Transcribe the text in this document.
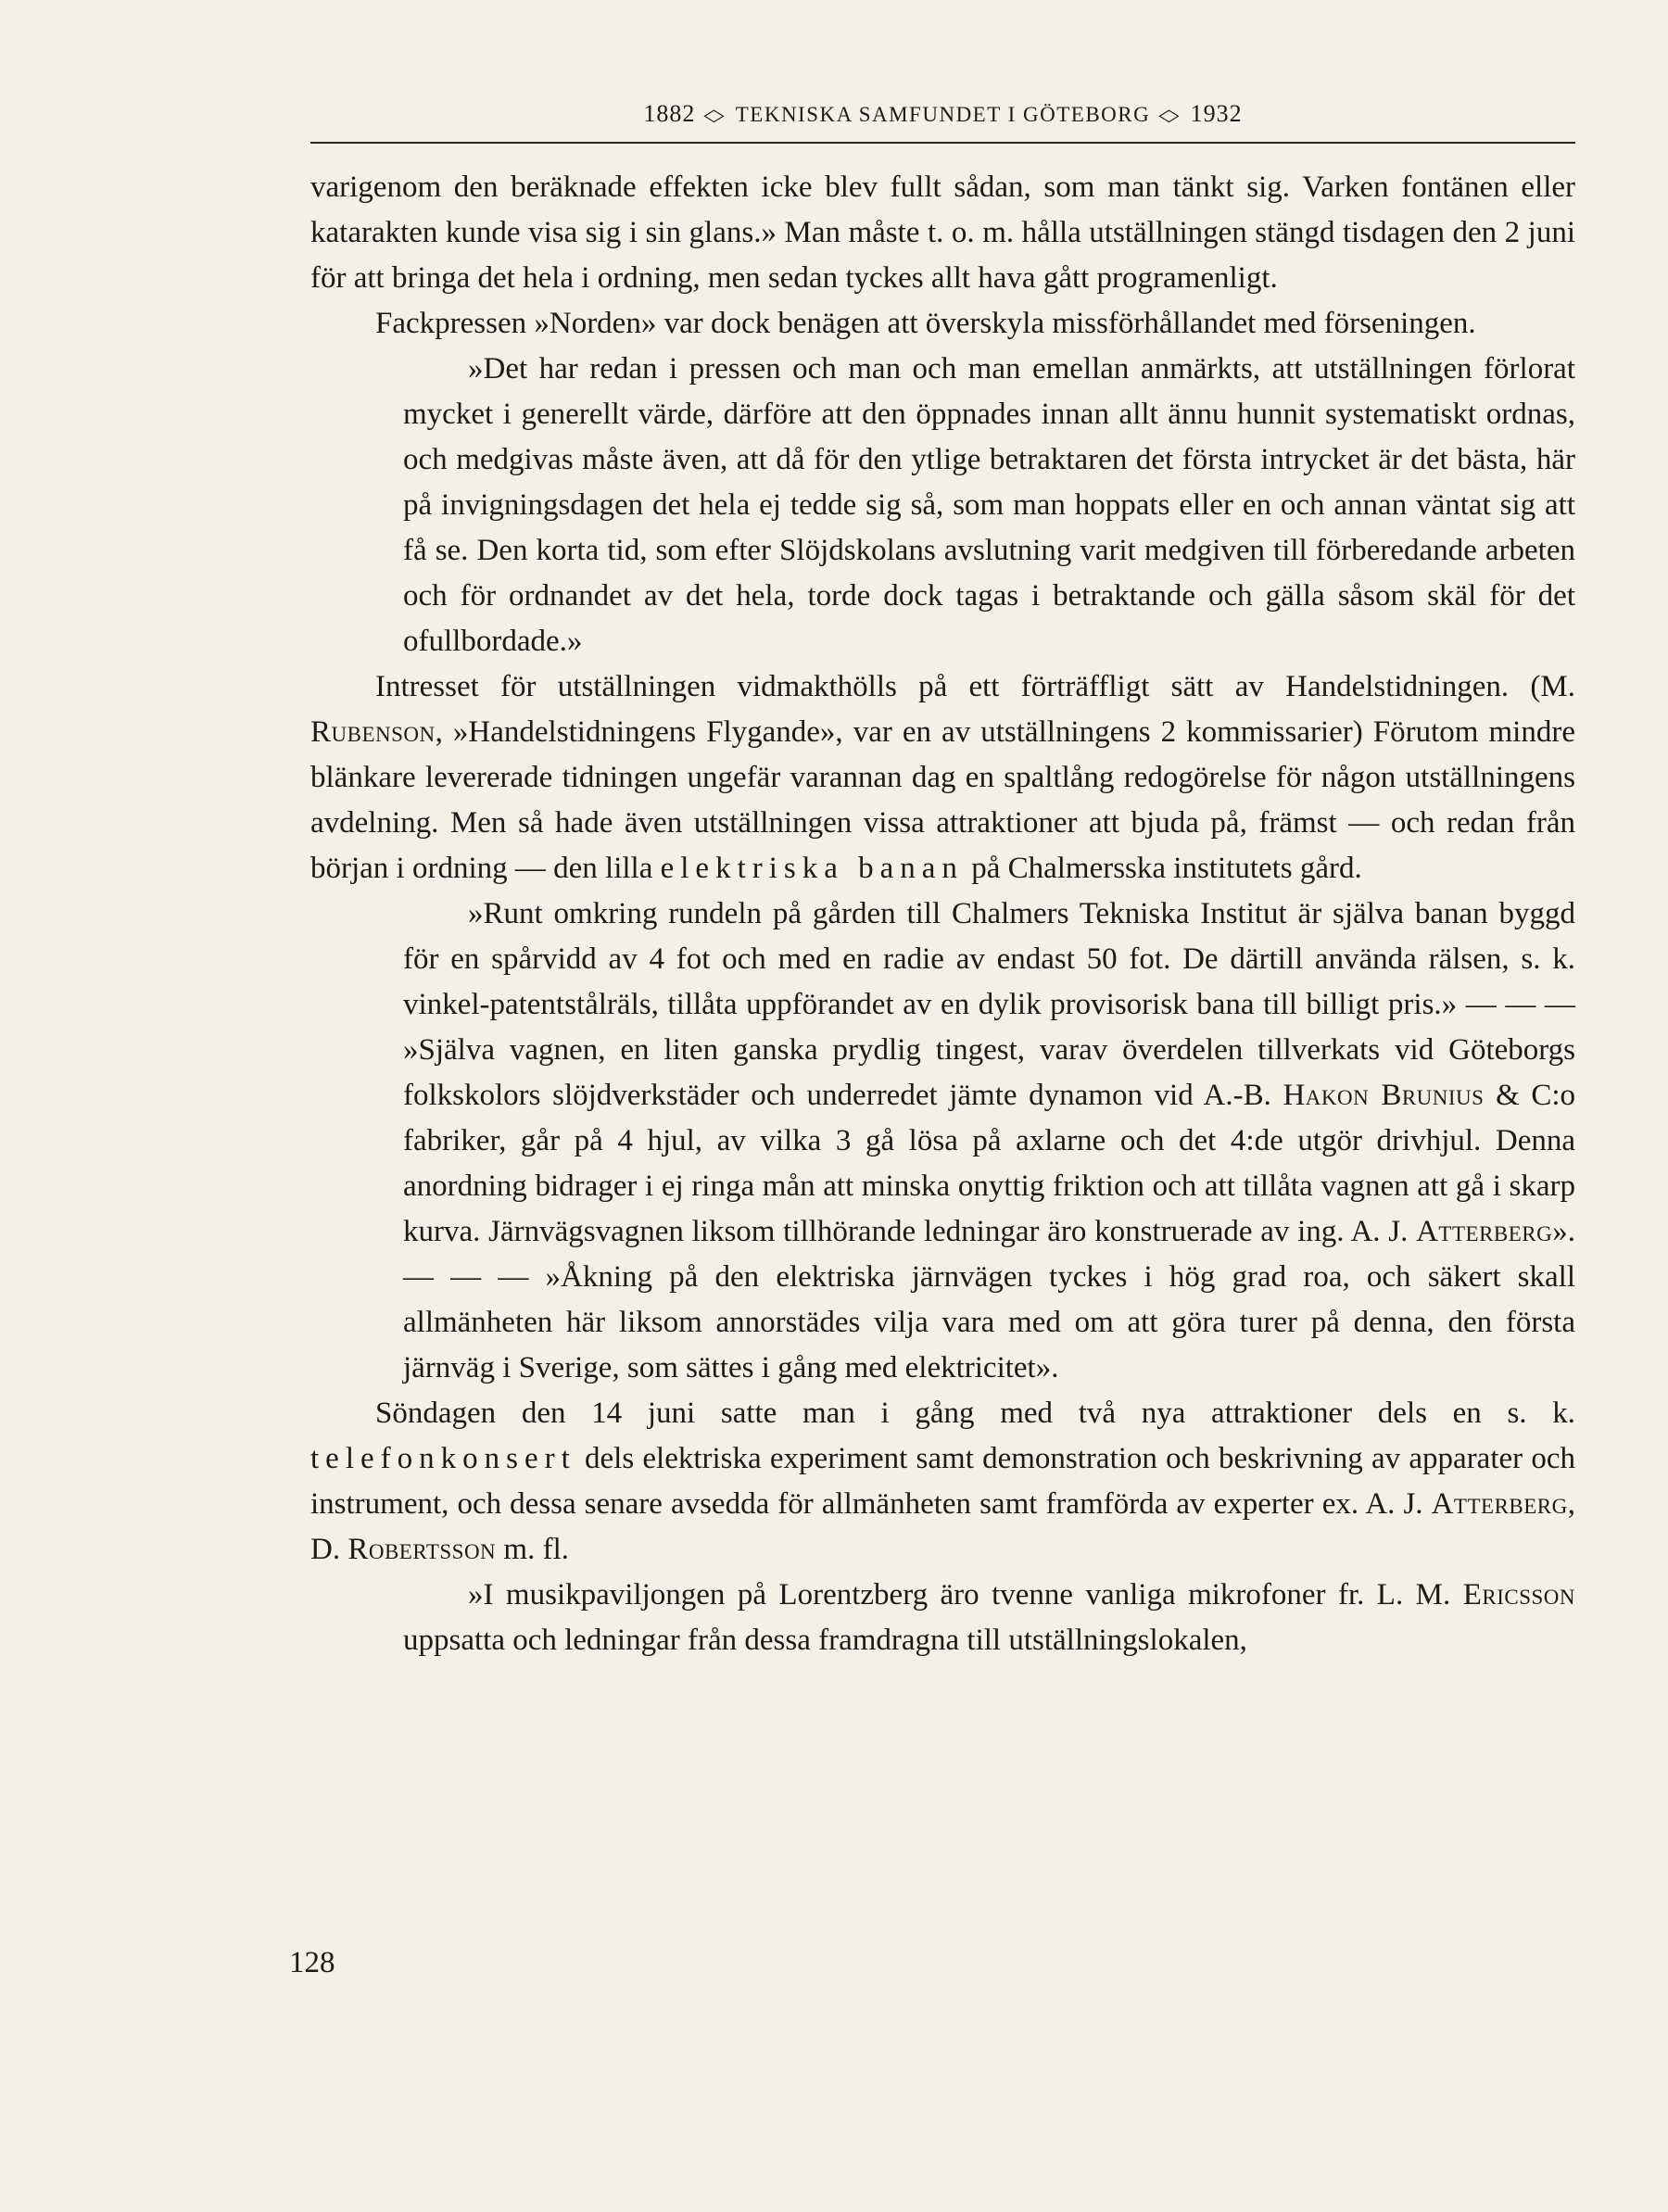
1882 ◇ TEKNISKA SAMFUNDET I GÖTEBORG ◇ 1932

varigenom den beräknade effekten icke blev fullt sådan, som man tänkt sig. Varken fontänen eller katarakten kunde visa sig i sin glans.» Man måste t. o. m. hålla utställningen stängd tisdagen den 2 juni för att bringa det hela i ordning, men sedan tyckes allt hava gått programenligt.

Fackpressen »Norden» var dock benägen att överskyla missförhållandet med förseningen.

»Det har redan i pressen och man och man emellan anmärkts, att utställningen förlorat mycket i generellt värde, därföre att den öppnades innan allt ännu hunnit systematiskt ordnas, och medgivas måste även, att då för den ytlige betraktaren det första intrycket är det bästa, här på invigningsdagen det hela ej tedde sig så, som man hoppats eller en och annan väntat sig att få se. Den korta tid, som efter Slöjdskolans avslutning varit medgiven till förberedande arbeten och för ordnandet av det hela, torde dock tagas i betraktande och gälla såsom skäl för det ofullbordade.»

Intresset för utställningen vidmakthölls på ett förträffligt sätt av Handelstidningen. (M. Rubenson, »Handelstidningens Flygande», var en av utställningens 2 kommissarier) Förutom mindre blänkare levererade tidningen ungefär varannan dag en spaltlång redogörelse för någon utställningens avdelning. Men så hade även utställningen vissa attraktioner att bjuda på, främst — och redan från början i ordning — den lilla elektriska banan på Chalmersska institutets gård.

»Runt omkring rundeln på gården till Chalmers Tekniska Institut är själva banan byggd för en spårvidd av 4 fot och med en radie av endast 50 fot. De därtill använda rälsen, s. k. vinkel-patentstålräls, tillåta uppförandet av en dylik provisorisk bana till billigt pris.» — — — »Själva vagnen, en liten ganska prydlig tingest, varav överdelen tillverkats vid Göteborgs folkskolors slöjdverkstäder och underredet jämte dynamon vid A.-B. Hakon Brunius & C:o fabriker, går på 4 hjul, av vilka 3 gå lösa på axlarne och det 4:de utgör drivhjul. Denna anordning bidrager i ej ringa mån att minska onyttig friktion och att tillåta vagnen att gå i skarp kurva. Järnvägsvagnen liksom tillhörande ledningar äro konstruerade av ing. A. J. Atterberg». — — — »Åkning på den elektriska järnvägen tyckes i hög grad roa, och säkert skall allmänheten här liksom annorstädes vilja vara med om att göra turer på denna, den första järnväg i Sverige, som sättes i gång med elektricitet».

Söndagen den 14 juni satte man i gång med två nya attraktioner dels en s. k. telefonkonsert dels elektriska experiment samt demonstration och beskrivning av apparater och instrument, och dessa senare avsedda för allmänheten samt framförda av experter ex. A. J. Atterberg, D. Robertsson m. fl.

»I musikpaviljongen på Lorentzberg äro tvenne vanliga mikrofoner fr. L. M. Ericsson uppsatta och ledningar från dessa framdragna till utställningslokalen,

128
